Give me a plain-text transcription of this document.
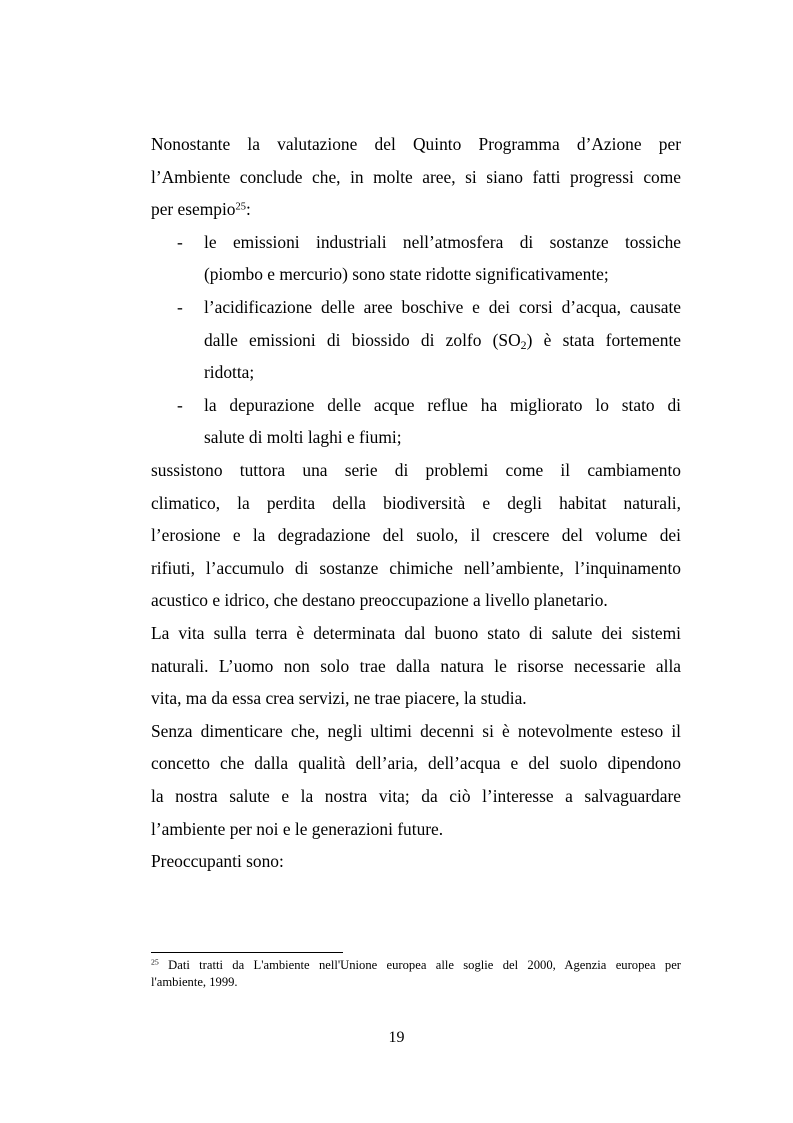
Nonostante la valutazione del Quinto Programma d’Azione per
l’Ambiente conclude che, in molte aree, si siano fatti progressi come
per esempio$^{25}$:
- le emissioni industriali nell’atmosfera di sostanze tossiche
(piombo e mercurio) sono state ridotte significativamente;
- l’acidificazione delle aree boschive e dei corsi d’acqua, causate
dalle emissioni di biossido di zolfo $(SO_2)$ è stata fortemente
ridotta;
- la depurazione delle acque reflue ha migliorato lo stato di
salute di molti laghi e fiumi;
sussistono tuttora una serie di problemi come il cambiamento
climatico, la perdita della biodiversità e degli habitat naturali,
l’erosione e la degradazione del suolo, il crescere del volume dei
rifiuti, l’accumulo di sostanze chimiche nell’ambiente, l’inquinamento
acustico e idrico, che destano preoccupazione a livello planetario.
La vita sulla terra è determinata dal buono stato di salute dei sistemi
naturali. L’uomo non solo trae dalla natura le risorse necessarie alla
vita, ma da essa crea servizi, ne trae piacere, la studia.
Senza dimenticare che, negli ultimi decenni si è notevolmente esteso il
concetto che dalla qualità dell’aria, dell’acqua e del suolo dipendono
la nostra salute e la nostra vita; da ciò l’interesse a salvaguardare
l’ambiente per noi e le generazioni future.
Preoccupanti sono:
$^{25}$ Dati tratti da L'ambiente nell'Unione europea alle soglie del 2000, Agenzia europea per
l'ambiente, 1999.
19
